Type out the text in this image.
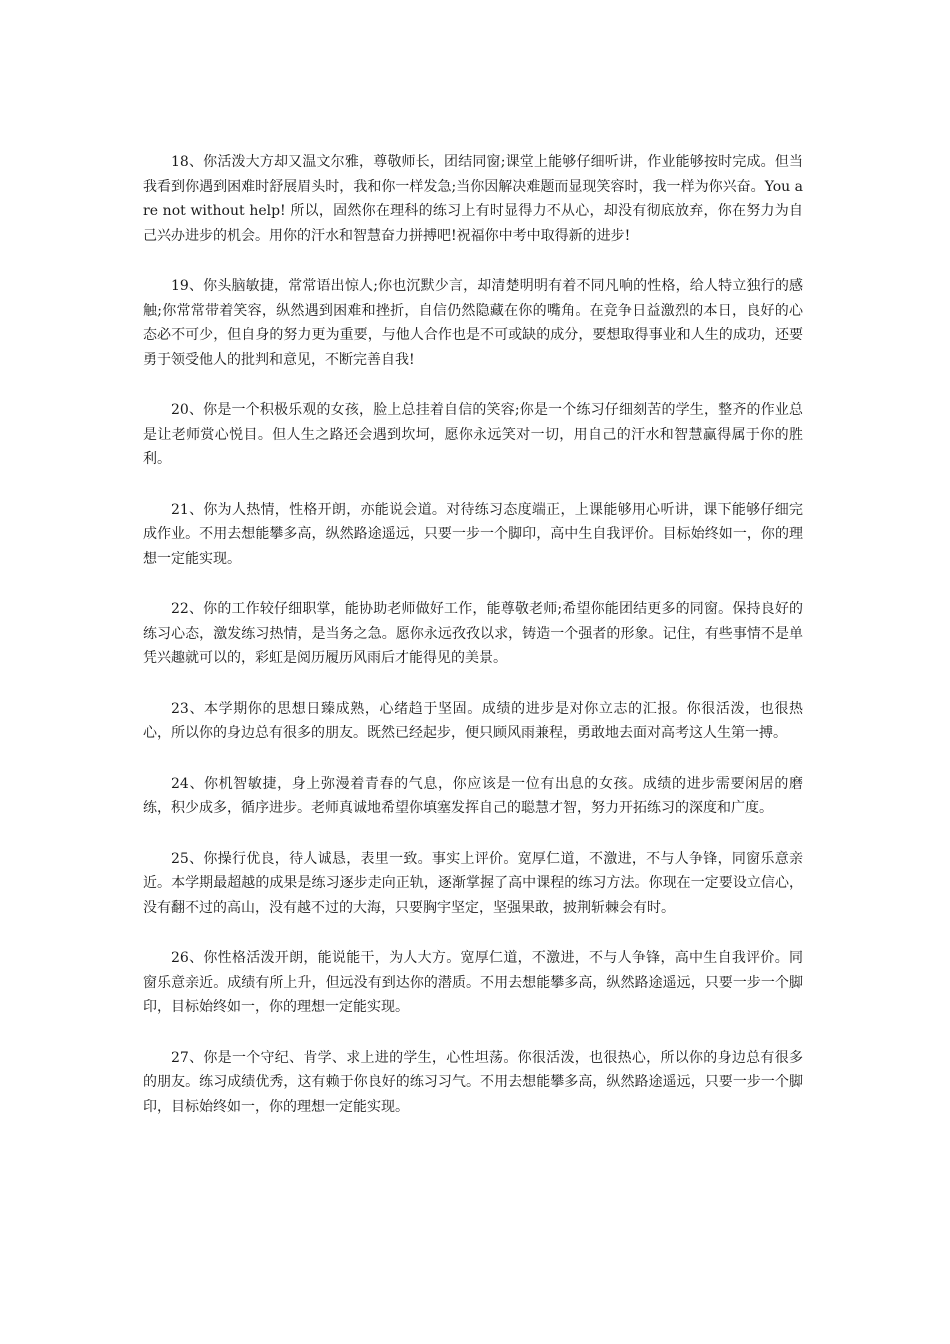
18、你活泼大方却又温文尔雅，尊敬师长，团结同窗;课堂上能够仔细听讲，作业能够按时完成。但当我看到你遇到困难时舒展眉头时，我和你一样发急;当你因解决难题而显现笑容时，我一样为你兴奋。You are not without help! 所以，固然你在理科的练习上有时显得力不从心，却没有彻底放弃，你在努力为自己兴办进步的机会。用你的汗水和智慧奋力拼搏吧!祝福你中考中取得新的进步!

19、你头脑敏捷，常常语出惊人;你也沉默少言，却清楚明明有着不同凡响的性格，给人特立独行的感触;你常常带着笑容，纵然遇到困难和挫折，自信仍然隐藏在你的嘴角。在竞争日益激烈的本日，良好的心态必不可少，但自身的努力更为重要，与他人合作也是不可或缺的成分，要想取得事业和人生的成功，还要勇于领受他人的批判和意见，不断完善自我!

20、你是一个积极乐观的女孩，脸上总挂着自信的笑容;你是一个练习仔细刻苦的学生，整齐的作业总是让老师赏心悦目。但人生之路还会遇到坎坷，愿你永远笑对一切，用自己的汗水和智慧赢得属于你的胜利。

21、你为人热情，性格开朗，亦能说会道。对待练习态度端正，上课能够用心听讲，课下能够仔细完成作业。不用去想能攀多高，纵然路途遥远，只要一步一个脚印，高中生自我评价。目标始终如一，你的理想一定能实现。

22、你的工作较仔细职掌，能协助老师做好工作，能尊敬老师;希望你能团结更多的同窗。保持良好的练习心态，激发练习热情，是当务之急。愿你永远孜孜以求，铸造一个强者的形象。记住，有些事情不是单凭兴趣就可以的，彩虹是阅历履历风雨后才能得见的美景。

23、本学期你的思想日臻成熟，心绪趋于坚固。成绩的进步是对你立志的汇报。你很活泼，也很热心，所以你的身边总有很多的朋友。既然已经起步，便只顾风雨兼程，勇敢地去面对高考这人生第一搏。

24、你机智敏捷，身上弥漫着青春的气息，你应该是一位有出息的女孩。成绩的进步需要闲居的磨练，积少成多，循序进步。老师真诚地希望你填塞发挥自己的聪慧才智，努力开拓练习的深度和广度。

25、你操行优良，待人诚恳，表里一致。事实上评价。宽厚仁道，不激进，不与人争锋，同窗乐意亲近。本学期最超越的成果是练习逐步走向正轨，逐渐掌握了高中课程的练习方法。你现在一定要设立信心，没有翻不过的高山，没有越不过的大海，只要胸宇坚定，坚强果敢，披荆斩棘会有时。

26、你性格活泼开朗，能说能干，为人大方。宽厚仁道，不激进，不与人争锋，高中生自我评价。同窗乐意亲近。成绩有所上升，但远没有到达你的潜质。不用去想能攀多高，纵然路途遥远，只要一步一个脚印，目标始终如一，你的理想一定能实现。

27、你是一个守纪、肯学、求上进的学生，心性坦荡。你很活泼，也很热心，所以你的身边总有很多的朋友。练习成绩优秀，这有赖于你良好的练习习气。不用去想能攀多高，纵然路途遥远，只要一步一个脚印，目标始终如一，你的理想一定能实现。
